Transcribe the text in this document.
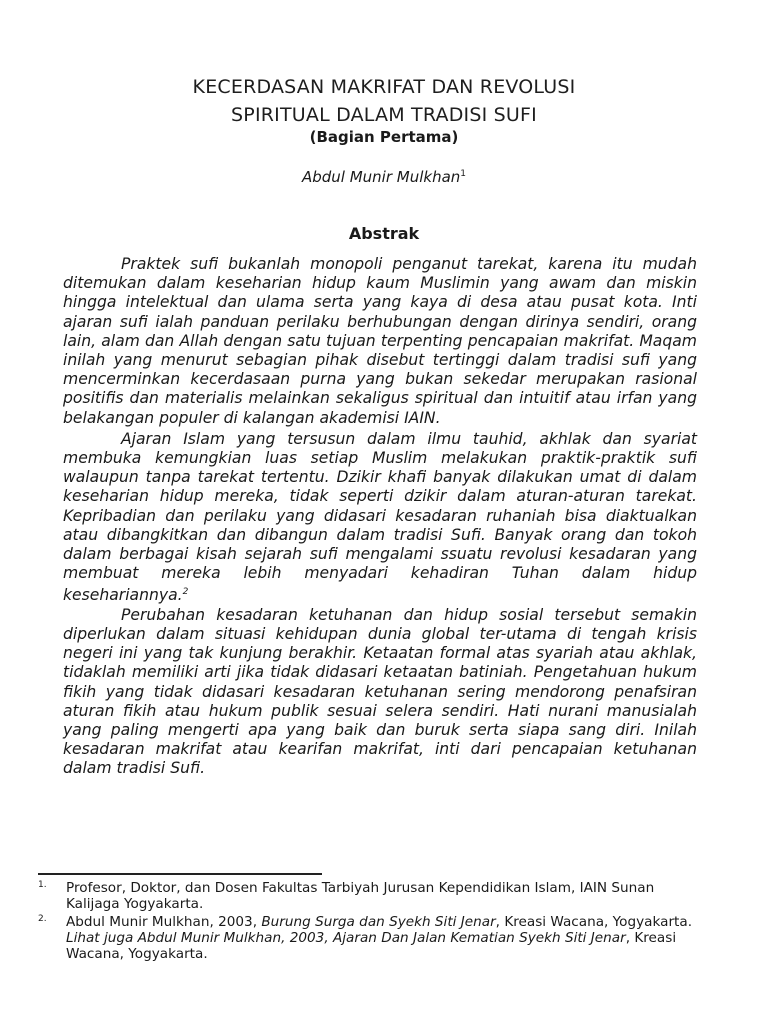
KECERDASAN MAKRIFAT DAN REVOLUSI
SPIRITUAL DALAM TRADISI SUFI
(Bagian Pertama)
Abdul Munir Mulkhan$^1$
Abstrak

Praktek sufi bukanlah monopoli penganut tarekat, karena itu mudah ditemukan dalam keseharian hidup kaum Muslimin yang awam dan miskin hingga intelektual dan ulama serta yang kaya di desa atau pusat kota. Inti ajaran sufi ialah panduan perilaku berhubungan dengan dirinya sendiri, orang lain, alam dan Allah dengan satu tujuan terpenting pencapaian makrifat. Maqam inilah yang menurut sebagian pihak disebut tertinggi dalam tradisi sufi yang mencerminkan kecerdasaan purna yang bukan sekedar merupakan rasional positifis dan materialis melainkan sekaligus spiritual dan intuitif atau irfan yang belakangan populer di kalangan akademisi IAIN.

Ajaran Islam yang tersusun dalam ilmu tauhid, akhlak dan syariat membuka kemungkian luas setiap Muslim melakukan praktik-praktik sufi walaupun tanpa tarekat tertentu. Dzikir khafi banyak dilakukan umat di dalam keseharian hidup mereka, tidak seperti dzikir dalam aturan-aturan tarekat. Kepribadian dan perilaku yang didasari kesadaran ruhaniah bisa diaktualkan atau dibangkitkan dan dibangun dalam tradisi Sufi. Banyak orang dan tokoh dalam berbagai kisah sejarah sufi mengalami ssuatu revolusi kesadaran yang membuat mereka lebih menyadari kehadiran Tuhan dalam hidup kesehariannya.$^2$

Perubahan kesadaran ketuhanan dan hidup sosial tersebut semakin diperlukan dalam situasi kehidupan dunia global ter-utama di tengah krisis negeri ini yang tak kunjung berakhir. Ketaatan formal atas syariah atau akhlak, tidaklah memiliki arti jika tidak didasari ketaatan batiniah. Pengetahuan hukum fikih yang tidak didasari kesadaran ketuhanan sering mendorong penafsiran aturan fikih atau hukum publik sesuai selera sendiri. Hati nurani manusialah yang paling mengerti apa yang baik dan buruk serta siapa sang diri. Inilah kesadaran makrifat atau kearifan makrifat, inti dari pencapaian ketuhanan dalam tradisi Sufi.

1. Profesor, Doktor, dan Dosen Fakultas Tarbiyah Jurusan Kependidikan Islam, IAIN Sunan Kalijaga Yogyakarta.
2. Abdul Munir Mulkhan, 2003, Burung Surga dan Syekh Siti Jenar, Kreasi Wacana, Yogyakarta. Lihat juga Abdul Munir Mulkhan, 2003, Ajaran Dan Jalan Kematian Syekh Siti Jenar, Kreasi Wacana, Yogyakarta.
